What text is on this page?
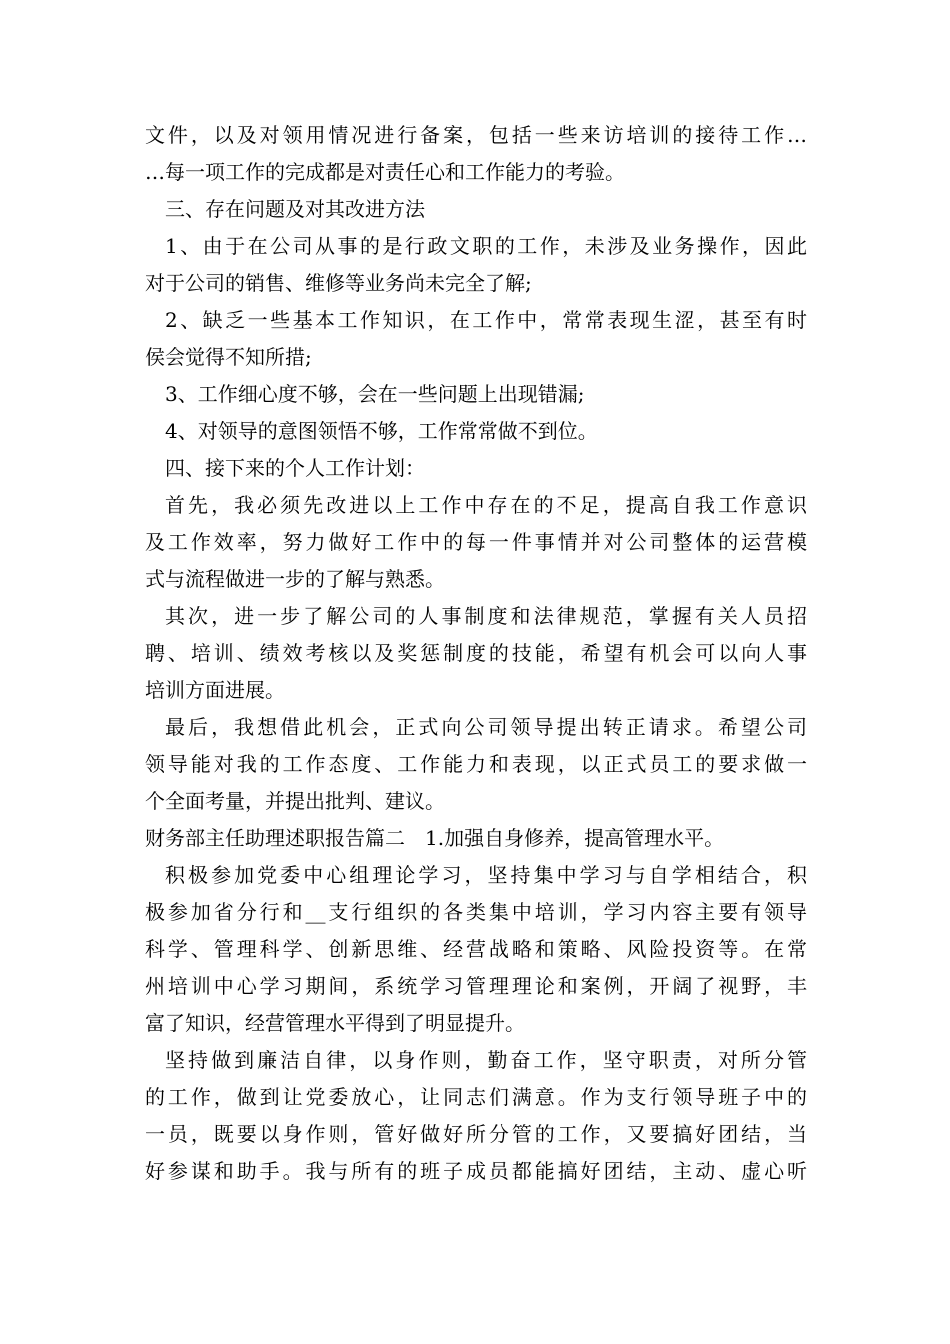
文件，以及对领用情况进行备案，包括一些来访培训的接待工作…
…每一项工作的完成都是对责任心和工作能力的考验。
三、存在问题及对其改进方法
1、由于在公司从事的是行政文职的工作，未涉及业务操作，因此
对于公司的销售、维修等业务尚未完全了解;
2、缺乏一些基本工作知识，在工作中，常常表现生涩，甚至有时
侯会觉得不知所措;
3、工作细心度不够，会在一些问题上出现错漏;
4、对领导的意图领悟不够，工作常常做不到位。
四、接下来的个人工作计划：
首先，我必须先改进以上工作中存在的不足，提高自我工作意识
及工作效率，努力做好工作中的每一件事情并对公司整体的运营模
式与流程做进一步的了解与熟悉。
其次，进一步了解公司的人事制度和法律规范，掌握有关人员招
聘、培训、绩效考核以及奖惩制度的技能，希望有机会可以向人事
培训方面进展。
最后，我想借此机会，正式向公司领导提出转正请求。希望公司
领导能对我的工作态度、工作能力和表现，以正式员工的要求做一
个全面考量，并提出批判、建议。
财务部主任助理述职报告篇二　1.加强自身修养，提高管理水平。
积极参加党委中心组理论学习，坚持集中学习与自学相结合，积
极参加省分行和__支行组织的各类集中培训，学习内容主要有领导
科学、管理科学、创新思维、经营战略和策略、风险投资等。在常
州培训中心学习期间，系统学习管理理论和案例，开阔了视野，丰
富了知识，经营管理水平得到了明显提升。
坚持做到廉洁自律，以身作则，勤奋工作，坚守职责，对所分管
的工作，做到让党委放心，让同志们满意。作为支行领导班子中的
一员，既要以身作则，管好做好所分管的工作，又要搞好团结，当
好参谋和助手。我与所有的班子成员都能搞好团结，主动、虚心听
